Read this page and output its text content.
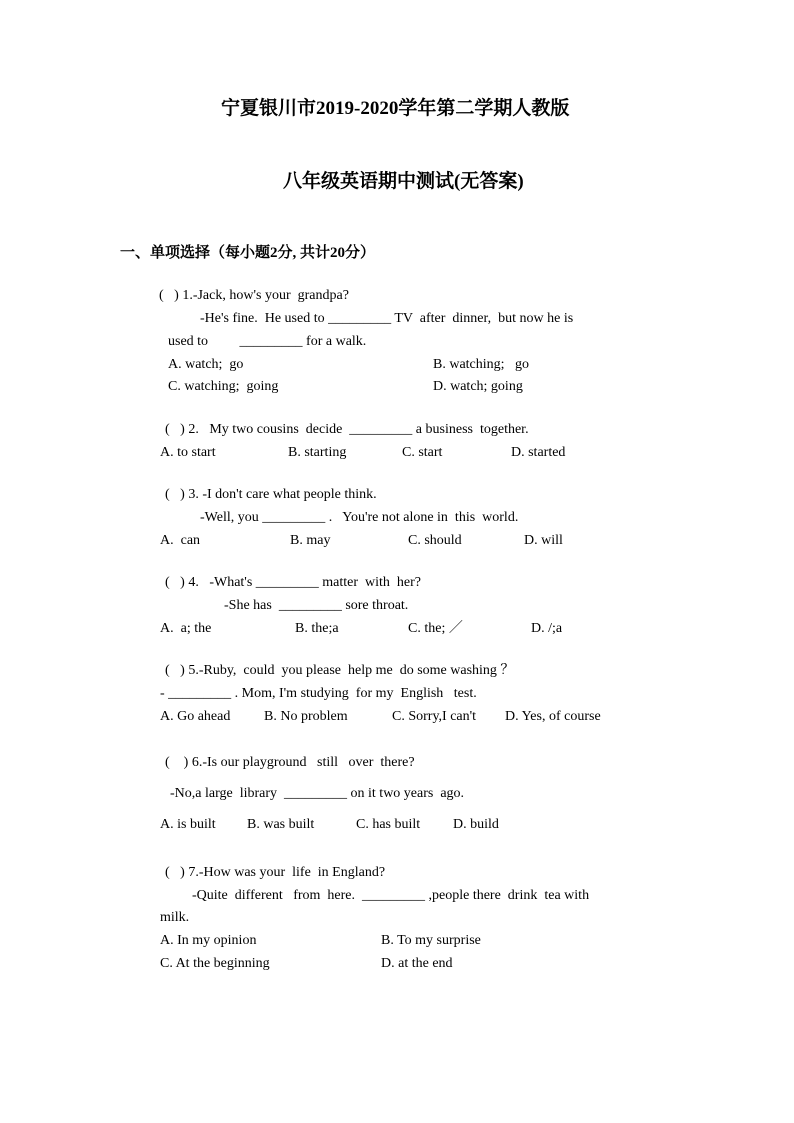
宁夏银川市2019-2020学年第二学期人教版
八年级英语期中测试(无答案)
一、单项选择（每小题2分, 共计20分）
(   ) 1.-Jack, how's your  grandpa?
-He's fine.  He used to _________ TV  after  dinner,  but now he is
used to         _________ for a walk.
A. watch;  go	B. watching;   go
C. watching;  going	D. watch; going
(   ) 2.   My two cousins  decide  _________ a business  together.
A. to start	B. starting	C. start	D. started
(   ) 3. -I don't care what people think.
-Well, you _________ .   You're not alone in  this  world.
A.  can	B. may	C. should	D. will
(   ) 4.   -What's _________ matter  with  her?
-She has  _________ sore throat.
A.  a; the	B. the;a	C. the; ／	D. /;a
(   ) 5.-Ruby,  could  you please  help me  do some washing ？
- _________ . Mom, I'm studying  for my  English   test.
A. Go ahead B. No problem	C. Sorry,I can't D. Yes, of course
(    ) 6.-Is our playground   still   over  there?
-No,a large  library  _________ on it two years  ago.
A. is built B. was built	C. has built D. build
(   ) 7.-How was your  life  in England?
-Quite  different   from  here.  _________ ,people there  drink  tea with
milk.
A. In my opinion	B. To my surprise
C. At the beginning	D. at the end
